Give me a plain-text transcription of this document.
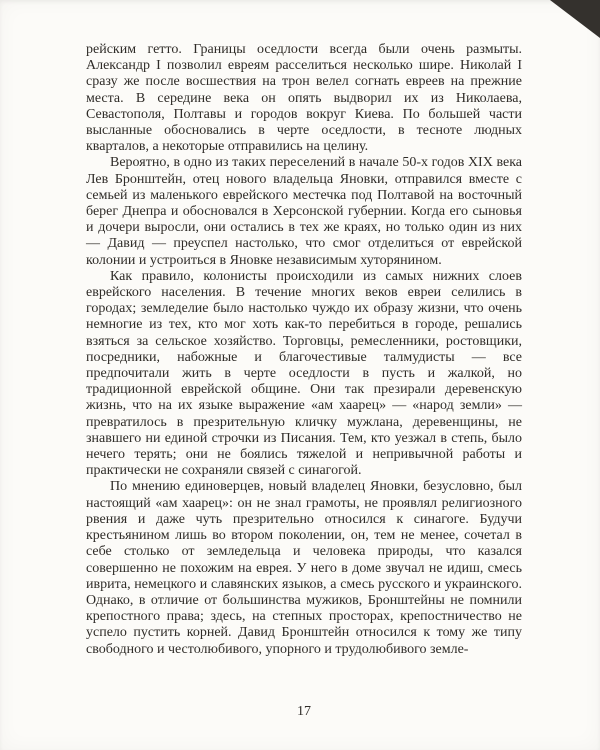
рейским гетто. Границы оседлости всегда были очень размыты. Александр I позволил евреям расселиться несколько шире. Николай I сразу же после восшествия на трон велел согнать евреев на прежние места. В середине века он опять выдворил их из Николаева, Севастополя, Полтавы и городов вокруг Киева. По большей части высланные обосновались в черте оседлости, в тесноте людных кварталов, а некоторые отправились на целину.

Вероятно, в одно из таких переселений в начале 50-х годов XIX века Лев Бронштейн, отец нового владельца Яновки, отправился вместе с семьей из маленького еврейского местечка под Полтавой на восточный берег Днепра и обосновался в Херсонской губернии. Когда его сыновья и дочери выросли, они остались в тех же краях, но только один из них — Давид — преуспел настолько, что смог отделиться от еврейской колонии и устроиться в Яновке независимым хуторянином.

Как правило, колонисты происходили из самых нижних слоев еврейского населения. В течение многих веков евреи селились в городах; земледелие было настолько чуждо их образу жизни, что очень немногие из тех, кто мог хоть как-то перебиться в городе, решались взяться за сельское хозяйство. Торговцы, ремесленники, ростовщики, посредники, набожные и благочестивые талмудисты — все предпочитали жить в черте оседлости в пусть и жалкой, но традиционной еврейской общине. Они так презирали деревенскую жизнь, что на их языке выражение «ам хаарец» — «народ земли» — превратилось в презрительную кличку мужлана, деревенщины, не знавшего ни единой строчки из Писания. Тем, кто уезжал в степь, было нечего терять; они не боялись тяжелой и непривычной работы и практически не сохраняли связей с синагогой.

По мнению единоверцев, новый владелец Яновки, безусловно, был настоящий «ам хаарец»: он не знал грамоты, не проявлял религиозного рвения и даже чуть презрительно относился к синагоге. Будучи крестьянином лишь во втором поколении, он, тем не менее, сочетал в себе столько от земледельца и человека природы, что казался совершенно не похожим на еврея. У него в доме звучал не идиш, смесь иврита, немецкого и славянских языков, а смесь русского и украинского. Однако, в отличие от большинства мужиков, Бронштейны не помнили крепостного права; здесь, на степных просторах, крепостничество не успело пустить корней. Давид Бронштейн относился к тому же типу свободного и честолюбивого, упорного и трудолюбивого земле-

17
